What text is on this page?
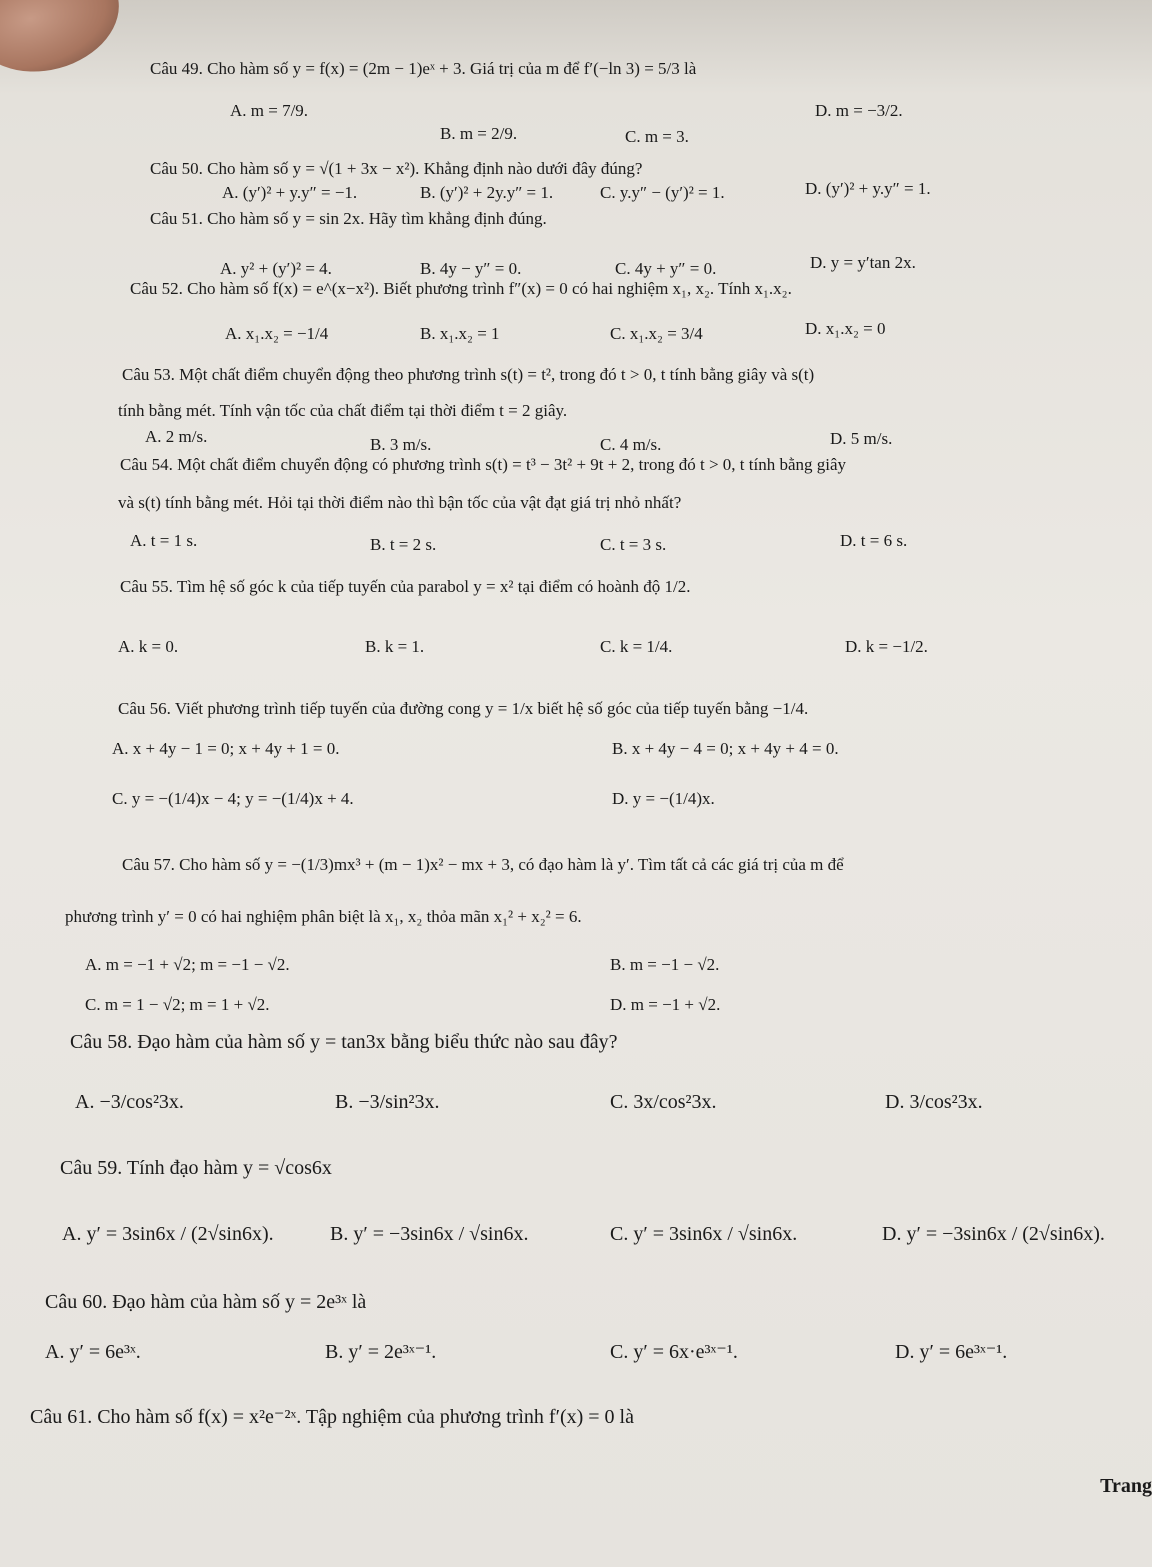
Câu 49. Cho hàm số y = f(x) = (2m − 1)eˣ + 3. Giá trị của m để f′(−ln 3) = 5/3 là
A. m = 7/9.
B. m = 2/9.	C. m = 3.
D. m = −3/2.
Câu 50. Cho hàm số y = √(1 + 3x − x²). Khẳng định nào dưới đây đúng?
A. (y′)² + y.y″ = −1.	B. (y′)² + 2y.y″ = 1.	C. y.y″ − (y′)² = 1.	D. (y′)² + y.y″ = 1.
Câu 51. Cho hàm số y = sin 2x. Hãy tìm khẳng định đúng.
A. y² + (y′)² = 4.	B. 4y − y″ = 0.	C. 4y + y″ = 0.	D. y = y′tan 2x.
Câu 52. Cho hàm số f(x) = e^(x−x²). Biết phương trình f″(x) = 0 có hai nghiệm x₁, x₂. Tính x₁.x₂.
A. x₁.x₂ = −1/4	B. x₁.x₂ = 1	C. x₁.x₂ = 3/4	D. x₁.x₂ = 0
Câu 53. Một chất điểm chuyển động theo phương trình s(t) = t², trong đó t > 0, t tính bằng giây và s(t)
tính bằng mét. Tính vận tốc của chất điểm tại thời điểm t = 2 giây.
A. 2 m/s.	B. 3 m/s.	C. 4 m/s.	D. 5 m/s.
Câu 54. Một chất điểm chuyển động có phương trình s(t) = t³ − 3t² + 9t + 2, trong đó t > 0, t tính bằng giây
và s(t) tính bằng mét. Hỏi tại thời điểm nào thì bận tốc của vật đạt giá trị nhỏ nhất?
A. t = 1 s.	B. t = 2 s.	C. t = 3 s.	D. t = 6 s.
Câu 55. Tìm hệ số góc k của tiếp tuyến của parabol y = x² tại điểm có hoành độ 1/2.
A. k = 0.	B. k = 1.	C. k = 1/4.	D. k = −1/2.
Câu 56. Viết phương trình tiếp tuyến của đường cong y = 1/x biết hệ số góc của tiếp tuyến bằng −1/4.
A. x + 4y − 1 = 0; x + 4y + 1 = 0.	B. x + 4y − 4 = 0; x + 4y + 4 = 0.
C. y = −(1/4)x − 4; y = −(1/4)x + 4.	D. y = −(1/4)x.
Câu 57. Cho hàm số y = −(1/3)mx³ + (m − 1)x² − mx + 3, có đạo hàm là y′. Tìm tất cả các giá trị của m để
phương trình y′ = 0 có hai nghiệm phân biệt là x₁, x₂ thỏa mãn x₁² + x₂² = 6.
A. m = −1 + √2; m = −1 − √2.	B. m = −1 − √2.
C. m = 1 − √2; m = 1 + √2.	D. m = −1 + √2.
Câu 58. Đạo hàm của hàm số y = tan3x bằng biểu thức nào sau đây?
A. −3/cos²3x.	B. −3/sin²3x.	C. 3x/cos²3x.	D. 3/cos²3x.
Câu 59. Tính đạo hàm y = √cos6x
A. y′ = 3sin6x / (2√sin6x).	B. y′ = −3sin6x / √sin6x.	C. y′ = 3sin6x / √sin6x.	D. y′ = −3sin6x / (2√sin6x).
Câu 60. Đạo hàm của hàm số y = 2e³ˣ là
A. y′ = 6e³ˣ.	B. y′ = 2e³ˣ⁻¹.	C. y′ = 6x·e³ˣ⁻¹.	D. y′ = 6e³ˣ⁻¹.
Câu 61. Cho hàm số f(x) = x²e⁻²ˣ. Tập nghiệm của phương trình f′(x) = 0 là
Trang
